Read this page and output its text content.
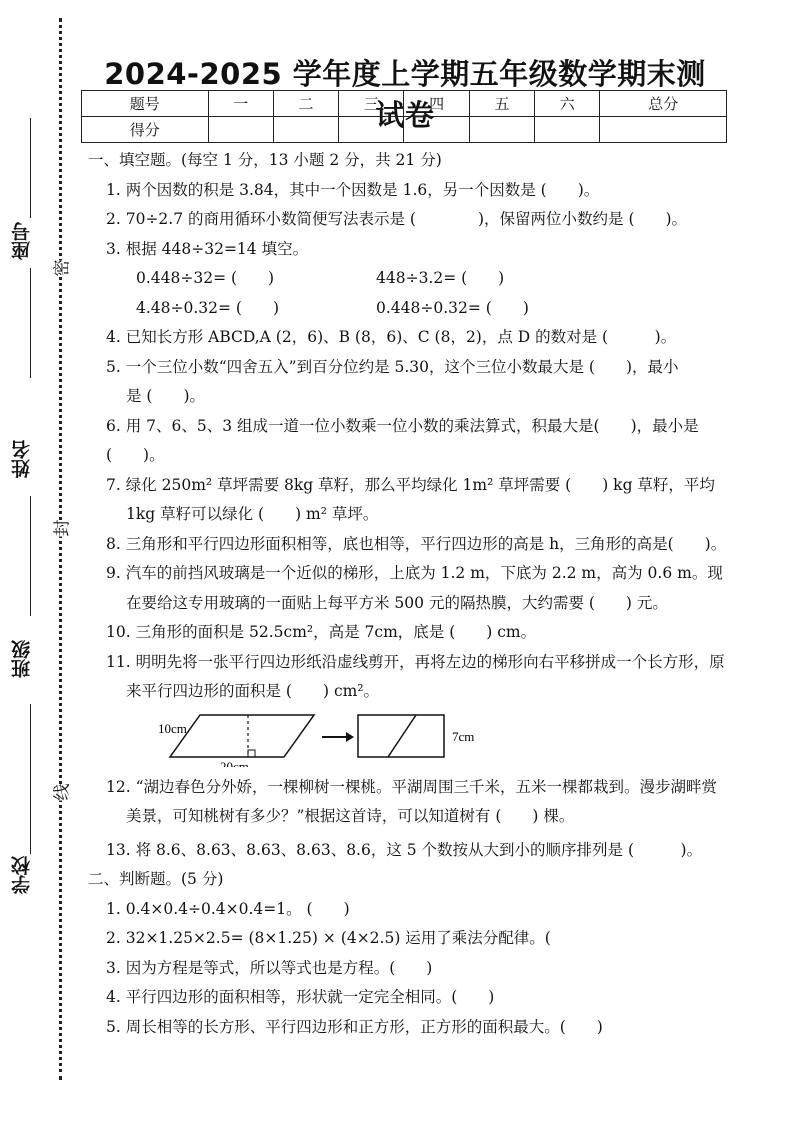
座号
姓名
班级
学校
密
封
线
2024-2025 学年度上学期五年级数学期末测试卷
题号	一	二	三	四	五	六	总分
得分							
一、填空题。(每空 1 分，13 小题 2 分，共 21 分)
1. 两个因数的积是 3.84，其中一个因数是 1.6，另一个因数是 (　　)。
2. 70÷2.7 的商用循环小数简便写法表示是 (　　　　)，保留两位小数约是 (　　)。
3. 根据 448÷32=14 填空。
0.448÷32= (　　)	448÷3.2= (　　)
4.48÷0.32= (　　)	0.448÷0.32= (　　)
4. 已知长方形 ABCD,A (2，6)、B (8，6)、C (8，2)，点 D 的数对是 (　　　)。
5. 一个三位小数“四舍五入”到百分位约是 5.30，这个三位小数最大是 (　　)，最小
是 (　　)。
6. 用 7、6、5、3 组成一道一位小数乘一位小数的乘法算式，积最大是(　　)，最小是(　　)。
7. 绿化 250m² 草坪需要 8kg 草籽，那么平均绿化 1m² 草坪需要 (　　) kg 草籽，平均
1kg 草籽可以绿化 (　　) m² 草坪。
8. 三角形和平行四边形面积相等，底也相等，平行四边形的高是 h，三角形的高是(　　)。
9. 汽车的前挡风玻璃是一个近似的梯形，上底为 1.2 m，下底为 2.2 m，高为 0.6 m。现
在要给这专用玻璃的一面贴上每平方米 500 元的隔热膜，大约需要 (　　) 元。
10. 三角形的面积是 52.5cm²，高是 7cm，底是 (　　) cm。
11. 明明先将一张平行四边形纸沿虚线剪开，再将左边的梯形向右平移拼成一个长方形，原
来平行四边形的面积是 (　　) cm²。
10cm
20cm
7cm
12. “湖边春色分外娇，一棵柳树一棵桃。平湖周围三千米，五米一棵都栽到。漫步湖畔赏
美景，可知桃树有多少？”根据这首诗，可以知道树有 (　　) 棵。
13. 将 8.6、8.63、8.63、8.63、8.6，这 5 个数按从大到小的顺序排列是 (　　　)。
二、判断题。(5 分)
1. 0.4×0.4÷0.4×0.4=1。 (　　)
2. 32×1.25×2.5= (8×1.25) × (4×2.5) 运用了乘法分配律。(
3. 因为方程是等式，所以等式也是方程。(　　)
4. 平行四边形的面积相等，形状就一定完全相同。(　　)
5. 周长相等的长方形、平行四边形和正方形，正方形的面积最大。(　　)
